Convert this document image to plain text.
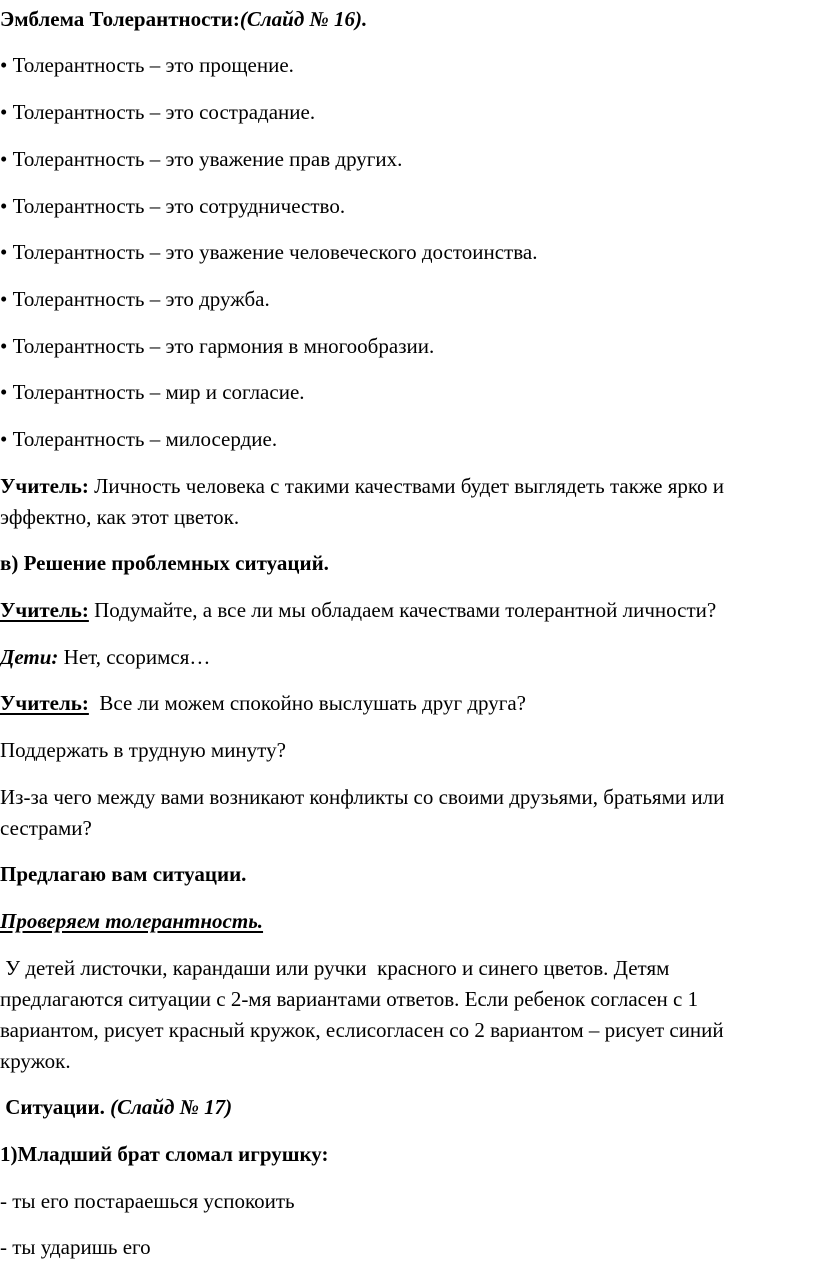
Эмблема Толерантности:(Слайд № 16).
• Толерантность – это прощение.
• Толерантность – это сострадание.
• Толерантность – это уважение прав других.
• Толерантность – это сотрудничество.
• Толерантность – это уважение человеческого достоинства.
• Толерантность – это дружба.
• Толерантность – это гармония в многообразии.
• Толерантность – мир и согласие.
• Толерантность – милосердие.
Учитель: Личность человека с такими качествами будет выглядеть также ярко и
эффектно, как этот цветок.
в) Решение проблемных ситуаций.
Учитель: Подумайте, а все ли мы обладаем качествами толерантной личности?
Дети: Нет, ссоримся…
Учитель:  Все ли можем спокойно выслушать друг друга?
Поддержать в трудную минуту?
Из-за чего между вами возникают конфликты со своими друзьями, братьями или
сестрами?
Предлагаю вам ситуации.
Проверяем толерантность.
У детей листочки, карандаши или ручки  красного и синего цветов. Детям
предлагаются ситуации с 2-мя вариантами ответов. Если ребенок согласен с 1
вариантом, рисует красный кружок, еслисогласен со 2 вариантом – рисует синий
кружок.
Ситуации. (Слайд № 17)
1)Младший брат сломал игрушку:
- ты его постараешься успокоить
- ты ударишь его
